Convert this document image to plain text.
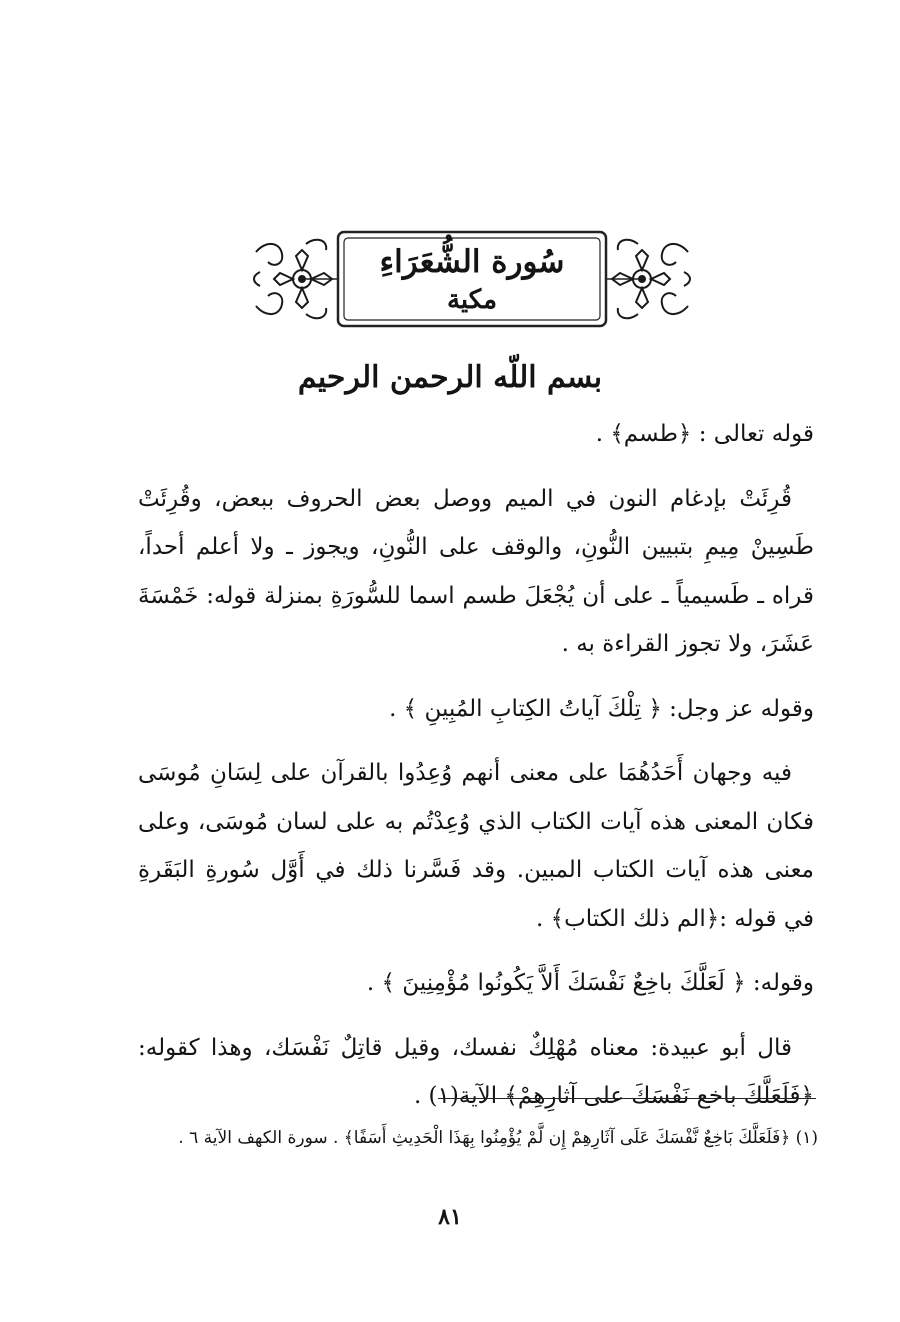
سُورة الشُّعَرَاءِ
مكية
بسم اللّه الرحمن الرحيم

قوله تعالى : ﴿طسم﴾ .

قُرِئَتْ بإدغام النون في الميم ووصل بعض الحروف ببعض، وقُرِئَتْ طَسِينْ مِيمِ بتبيين النُّونِ، والوقف على النُّونِ، ويجوز ـ ولا أعلم أحداً، قراه ـ طَسيمياً ـ على أن يُجْعَلَ طسم اسما للسُّورَةِ بمنزلة قوله: خَمْسَةَ عَشَرَ، ولا تجوز القراءة به .

وقوله عز وجل: ﴿ تِلْكَ آياتُ الكِتابِ المُبِينِ ﴾ .

فيه وجهان أَحَدُهُمَا على معنى أنهم وُعِدُوا بالقرآن على لِسَانِ مُوسَى فكان المعنى هذه آيات الكتاب الذي وُعِدْتُم به على لسان مُوسَى، وعلى معنى هذه آيات الكتاب المبين. وقد فَسَّرنا ذلك في أَوَّل سُورةِ البَقَرةِ في قوله :﴿الم ذلك الكتاب﴾ .

وقوله: ﴿ لَعَلَّكَ باخِعٌ نَفْسَكَ أَلاَّ يَكُونُوا مُؤْمِنِينَ ﴾ .

قال أبو عبيدة: معناه مُهْلِكٌ نفسك، وقيل قاتِلٌ نَفْسَك، وهذا كقوله: ﴿فَلَعَلَّكَ باخع نَفْسَكَ على آثارِهِمْ﴾ الآية(١) .

(١) ﴿فَلَعَلَّكَ بَاخِعٌ نَّفْسَكَ عَلَى آثَارِهِمْ إِن لَّمْ يُؤْمِنُوا بِهَذَا الْحَدِيثِ أَسَفًا﴾ . سورة الكهف الآية ٦ .
٨١
